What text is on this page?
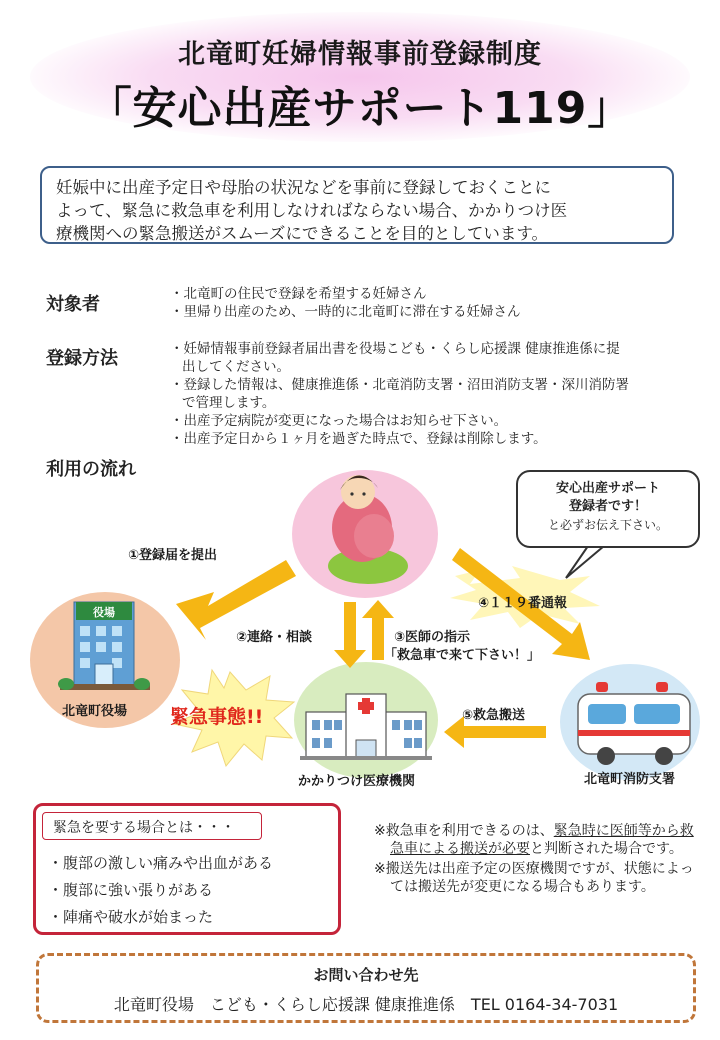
北竜町妊婦情報事前登録制度
「安心出産サポート119」
妊娠中に出産予定日や母胎の状況などを事前に登録しておくことに
よって、緊急に救急車を利用しなければならない場合、かかりつけ医
療機関への緊急搬送がスムーズにできることを目的としています。
対象者	・北竜町の住民で登録を希望する妊婦さん
・里帰り出産のため、一時的に北竜町に滞在する妊婦さん
登録方法	・妊婦情報事前登録者届出書を役場こども・くらし応援課 健康推進係に提出してください。
・登録した情報は、健康推進係・北竜消防支署・沼田消防支署・深川消防署で管理します。
・出産予定病院が変更になった場合はお知らせ下さい。
・出産予定日から１ヶ月を過ぎた時点で、登録は削除します。
利用の流れ
役場
安心出産サポート
登録者です！
と必ずお伝え下さい。
①登録届を提出
②連絡・相談	③医師の指示
「救急車で来て下さい！」
④１１９番通報
⑤救急搬送
北竜町役場
かかりつけ医療機関	北竜町消防支署
緊急事態!!
緊急を要する場合とは・・・
・腹部の激しい痛みや出血がある
・腹部に強い張りがある
・陣痛や破水が始まった
※救急車を利用できるのは、緊急時に医師等から救急車による搬送が必要と判断された場合です。
※搬送先は出産予定の医療機関ですが、状態によっては搬送先が変更になる場合もあります。
お問い合わせ先
北竜町役場　こども・くらし応援課 健康推進係　TEL 0164-34-7031
